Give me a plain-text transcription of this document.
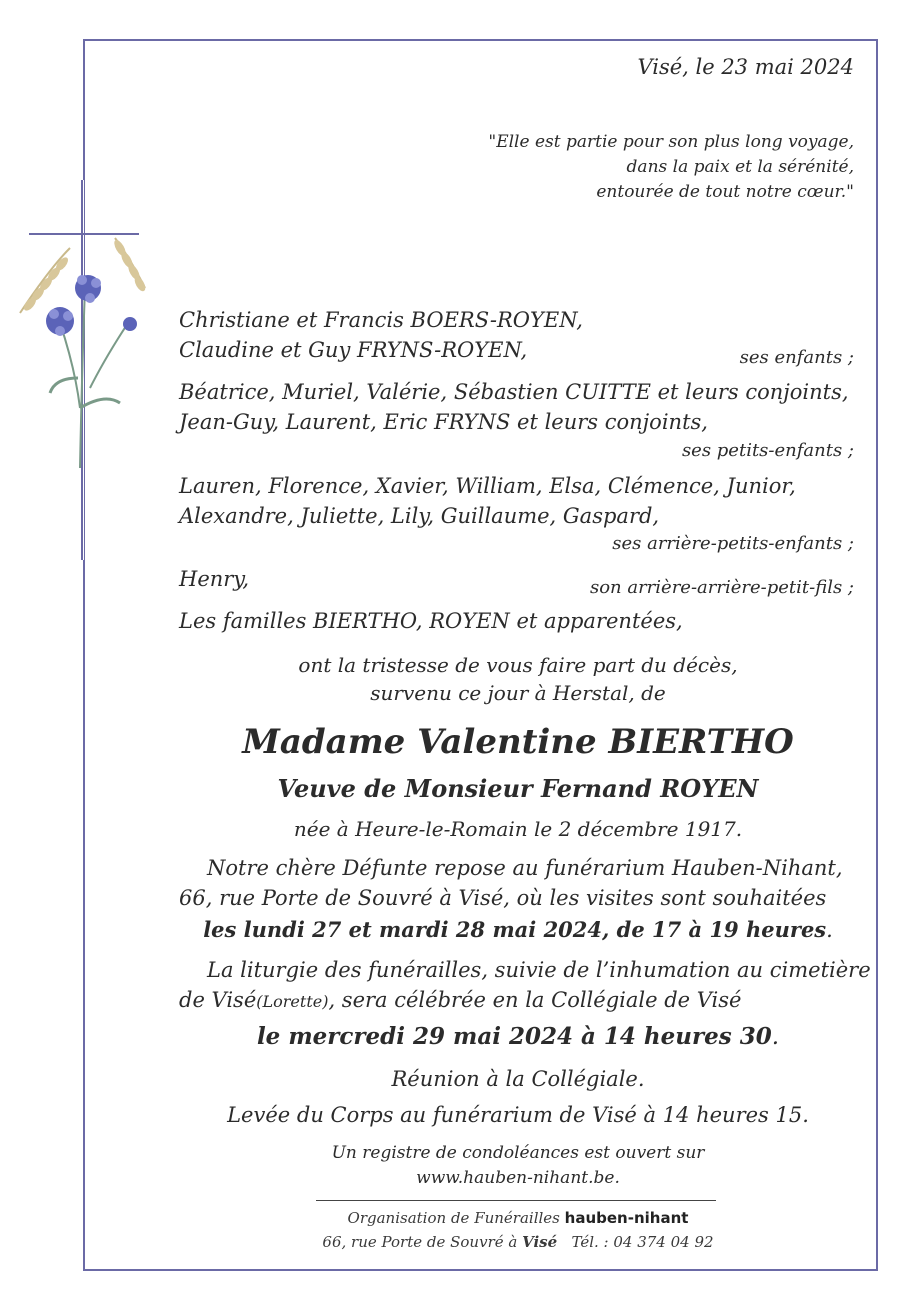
Visé, le 23 mai 2024
"Elle est partie pour son plus long voyage,
dans la paix et la sérénité,
entourée de tout notre cœur."
Christiane et Francis BOERS-ROYEN,
Claudine et Guy FRYNS-ROYEN,	ses enfants ;
Béatrice, Muriel, Valérie, Sébastien CUITTE et leurs conjoints,
Jean-Guy, Laurent, Eric FRYNS et leurs conjoints,
ses petits-enfants ;
Lauren, Florence, Xavier, William, Elsa, Clémence, Junior,
Alexandre, Juliette, Lily, Guillaume, Gaspard,
ses arrière-petits-enfants ;
Henry,	son arrière-arrière-petit-fils ;
Les familles BIERTHO, ROYEN et apparentées,
ont la tristesse de vous faire part du décès,
survenu ce jour à Herstal, de
Madame Valentine BIERTHO
Veuve de Monsieur Fernand ROYEN
née à Heure-le-Romain le 2 décembre 1917.
Notre chère Défunte repose au funérarium Hauben-Nihant,
66, rue Porte de Souvré à Visé, où les visites sont souhaitées
les lundi 27 et mardi 28 mai 2024, de 17 à 19 heures.
La liturgie des funérailles, suivie de l’inhumation au cimetière
de Visé(Lorette), sera célébrée en la Collégiale de Visé
le mercredi 29 mai 2024 à 14 heures 30.
Réunion à la Collégiale.
Levée du Corps au funérarium de Visé à 14 heures 15.
Un registre de condoléances est ouvert sur
www.hauben-nihant.be.
Organisation de Funérailles hauben-nihant
66, rue Porte de Souvré à Visé Tél. : 04 374 04 92
